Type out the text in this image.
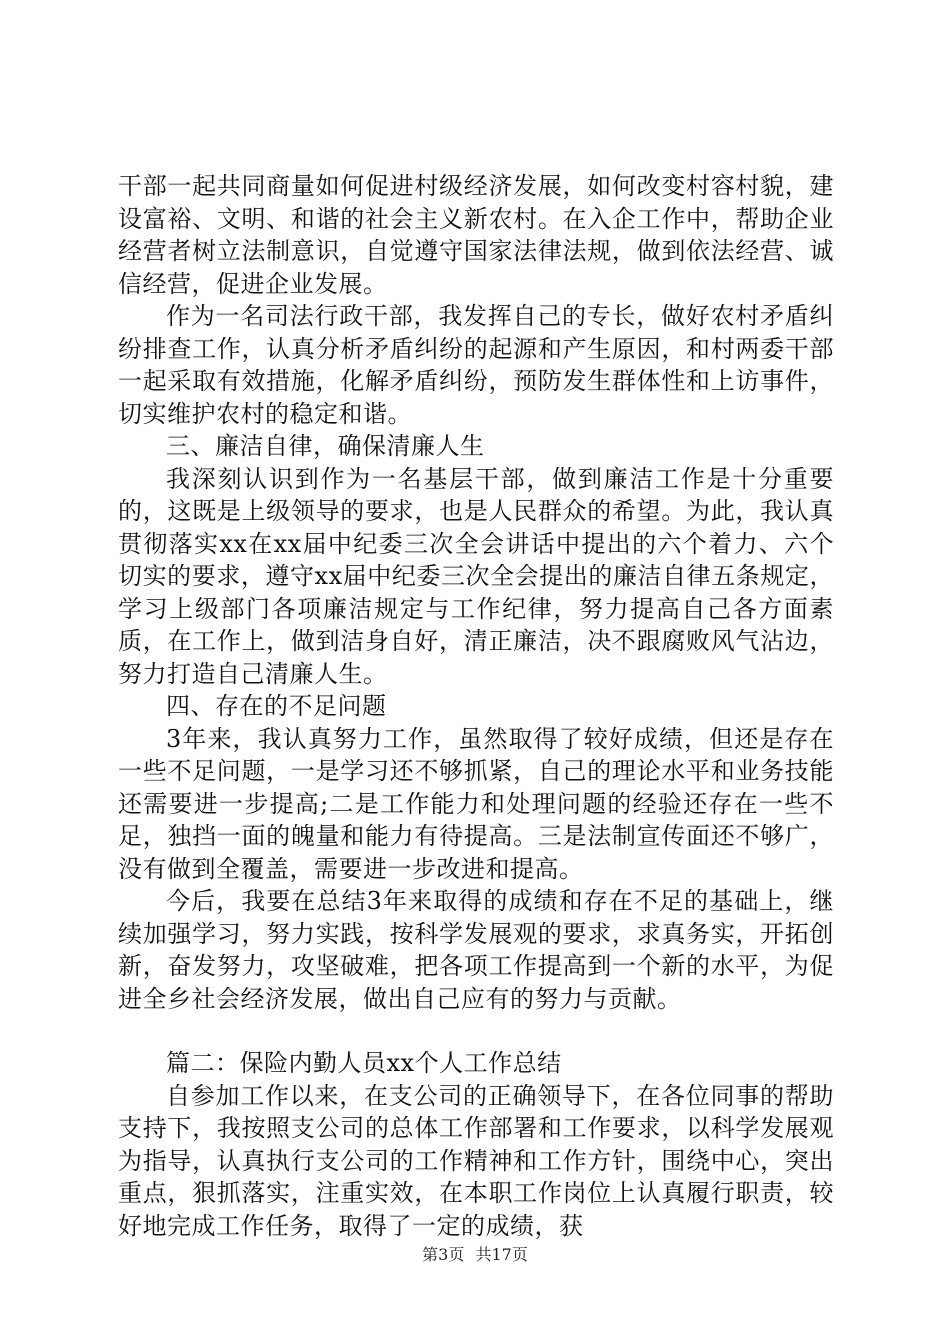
干部一起共同商量如何促进村级经济发展，如何改变村容村貌，建设富裕、文明、和谐的社会主义新农村。在入企工作中，帮助企业经营者树立法制意识，自觉遵守国家法律法规，做到依法经营、诚信经营，促进企业发展。

作为一名司法行政干部，我发挥自己的专长，做好农村矛盾纠纷排查工作，认真分析矛盾纠纷的起源和产生原因，和村两委干部一起采取有效措施，化解矛盾纠纷，预防发生群体性和上访事件，切实维护农村的稳定和谐。

三、廉洁自律，确保清廉人生

我深刻认识到作为一名基层干部，做到廉洁工作是十分重要的，这既是上级领导的要求，也是人民群众的希望。为此，我认真贯彻落实xx在xx届中纪委三次全会讲话中提出的六个着力、六个切实的要求，遵守xx届中纪委三次全会提出的廉洁自律五条规定，学习上级部门各项廉洁规定与工作纪律，努力提高自己各方面素质，在工作上，做到洁身自好，清正廉洁，决不跟腐败风气沾边，努力打造自己清廉人生。

四、存在的不足问题

3年来，我认真努力工作，虽然取得了较好成绩，但还是存在一些不足问题，一是学习还不够抓紧，自己的理论水平和业务技能还需要进一步提高;二是工作能力和处理问题的经验还存在一些不足，独挡一面的魄量和能力有待提高。三是法制宣传面还不够广，没有做到全覆盖，需要进一步改进和提高。

今后，我要在总结3年来取得的成绩和存在不足的基础上，继续加强学习，努力实践，按科学发展观的要求，求真务实，开拓创新，奋发努力，攻坚破难，把各项工作提高到一个新的水平，为促进全乡社会经济发展，做出自己应有的努力与贡献。

篇二：保险内勤人员xx个人工作总结

自参加工作以来，在支公司的正确领导下，在各位同事的帮助支持下，我按照支公司的总体工作部署和工作要求，以科学发展观为指导，认真执行支公司的工作精神和工作方针，围绕中心，突出重点，狠抓落实，注重实效，在本职工作岗位上认真履行职责，较好地完成工作任务，取得了一定的成绩，获

第3页 共17页
